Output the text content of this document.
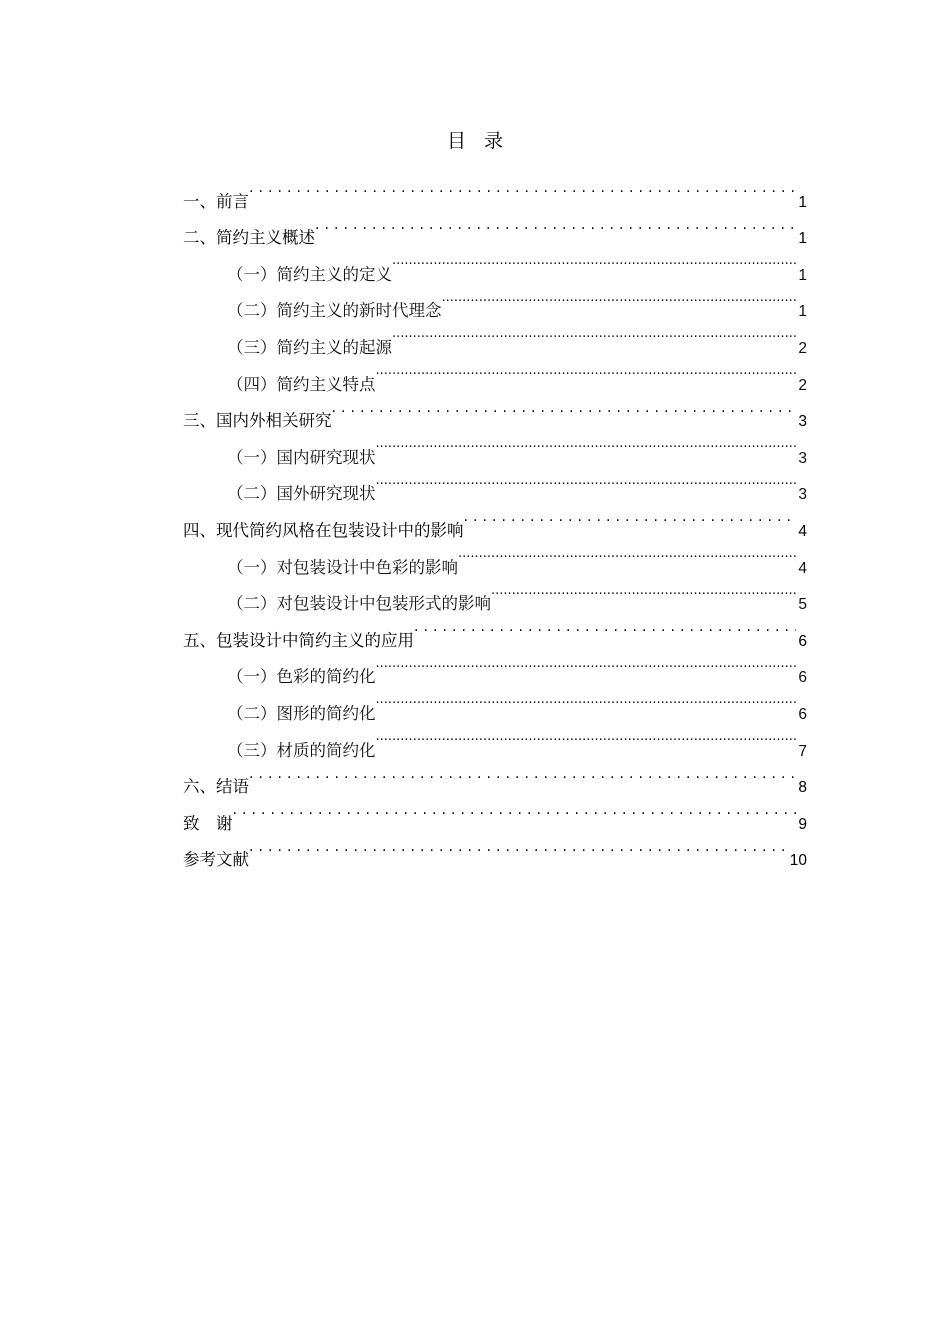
目录
一、前言 . . .	1
二、简约主义概述 . . .	1
（一）简约主义的定义 .....	1
（二）简约主义的新时代理念 .....	1
（三）简约主义的起源 .....	2
（四）简约主义特点 .....	2
三、国内外相关研究 . . .	3
（一）国内研究现状 .....	3
（二）国外研究现状 .....	3
四、现代简约风格在包装设计中的影响 . . .	4
（一）对包装设计中色彩的影响 .....	4
（二）对包装设计中包装形式的影响 .....	5
五、包装设计中简约主义的应用 . . .	6
（一）色彩的简约化 .....	6
（二）图形的简约化 .....	6
（三）材质的简约化 .....	7
六、结语 . . .	8
致　谢 . . .	9
参考文献 . . .	10
